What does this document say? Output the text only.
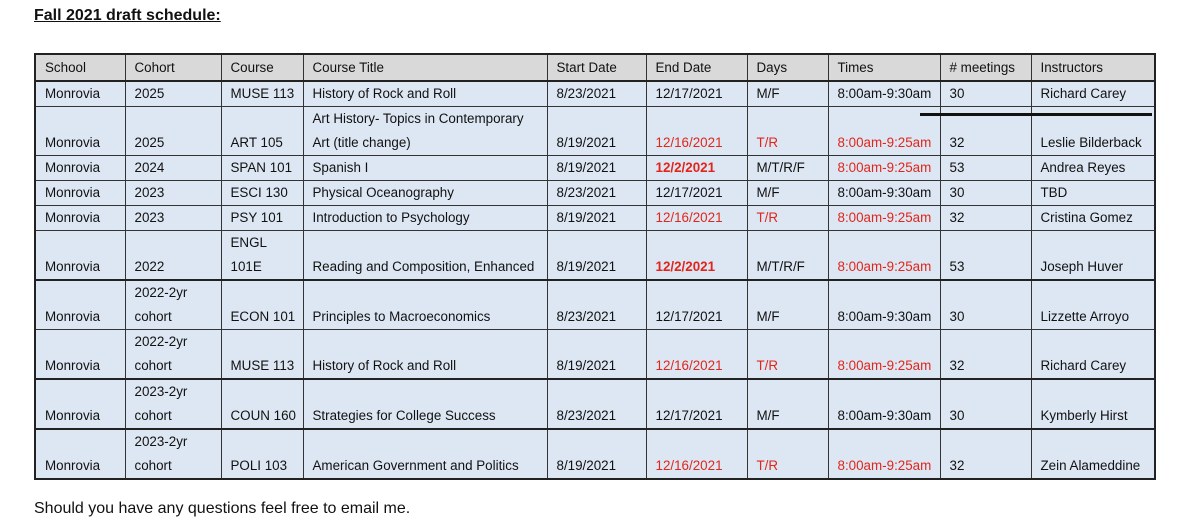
Fall 2021 draft schedule:
School	Cohort	Course	Course Title	Start Date	End Date	Days	Times	# meetings	Instructors
Monrovia	2025	MUSE 113	History of Rock and Roll	8/23/2021	12/17/2021	M/F	8:00am-9:30am	30	Richard Carey
Monrovia	2025	ART 105	Art History- Topics in Contemporary Art (title change)	8/19/2021	12/16/2021	T/R	8:00am-9:25am	32	Leslie Bilderback
Monrovia	2024	SPAN 101	Spanish I	8/19/2021	12/2/2021	M/T/R/F	8:00am-9:25am	53	Andrea Reyes
Monrovia	2023	ESCI 130	Physical Oceanography	8/23/2021	12/17/2021	M/F	8:00am-9:30am	30	TBD
Monrovia	2023	PSY 101	Introduction to Psychology	8/19/2021	12/16/2021	T/R	8:00am-9:25am	32	Cristina Gomez
Monrovia	2022	ENGL 101E	Reading and Composition, Enhanced	8/19/2021	12/2/2021	M/T/R/F	8:00am-9:25am	53	Joseph Huver
Monrovia	2022-2yr cohort	ECON 101	Principles to Macroeconomics	8/23/2021	12/17/2021	M/F	8:00am-9:30am	30	Lizzette Arroyo
Monrovia	2022-2yr cohort	MUSE 113	History of Rock and Roll	8/19/2021	12/16/2021	T/R	8:00am-9:25am	32	Richard Carey
Monrovia	2023-2yr cohort	COUN 160	Strategies for College Success	8/23/2021	12/17/2021	M/F	8:00am-9:30am	30	Kymberly Hirst
Monrovia	2023-2yr cohort	POLI 103	American Government and Politics	8/19/2021	12/16/2021	T/R	8:00am-9:25am	32	Zein Alameddine
Should you have any questions feel free to email me.
